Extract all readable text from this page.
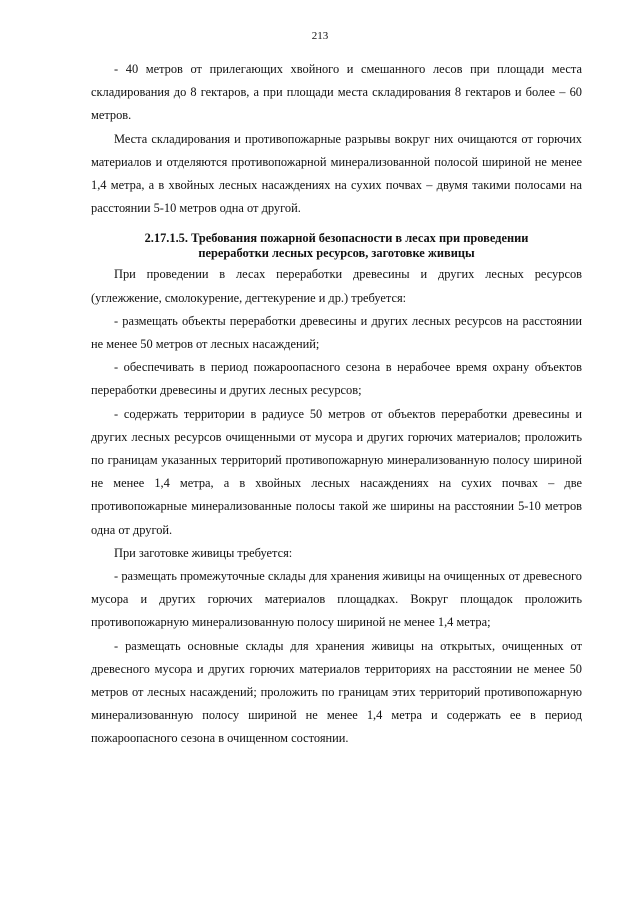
213

- 40 метров от прилегающих хвойного и смешанного лесов при площади места складирования до 8 гектаров, а при площади места складирования 8 гектаров и более – 60 метров.

Места складирования и противопожарные разрывы вокруг них очищаются от горючих материалов и отделяются противопожарной минерализованной полосой шириной не менее 1,4 метра, а в хвойных лесных насаждениях на сухих почвах – двумя такими полосами на расстоянии 5-10 метров одна от другой.

2.17.1.5. Требования пожарной безопасности в лесах при проведении
переработки лесных ресурсов, заготовке живицы

При проведении в лесах переработки древесины и других лесных ресурсов (углежжение, смолокурение, дегтекурение и др.) требуется:

- размещать объекты переработки древесины и других лесных ресурсов на расстоянии не менее 50 метров от лесных насаждений;

- обеспечивать в период пожароопасного сезона в нерабочее время охрану объектов переработки древесины и других лесных ресурсов;

- содержать территории в радиусе 50 метров от объектов переработки древесины и других лесных ресурсов очищенными от мусора и других горючих материалов; проложить по границам указанных территорий противопожарную минерализованную полосу шириной не менее 1,4 метра, а в хвойных лесных насаждениях на сухих почвах – две противопожарные минерализованные полосы такой же ширины на расстоянии 5-10 метров одна от другой.

При заготовке живицы требуется:

- размещать промежуточные склады для хранения живицы на очищенных от древесного мусора и других горючих материалов площадках. Вокруг площадок проложить противопожарную минерализованную полосу шириной не менее 1,4 метра;

- размещать основные склады для хранения живицы на открытых, очищенных от древесного мусора и других горючих материалов территориях на расстоянии не менее 50 метров от лесных насаждений; проложить по границам этих территорий противопожарную минерализованную полосу шириной не менее 1,4 метра и содержать ее в период пожароопасного сезона в очищенном состоянии.
